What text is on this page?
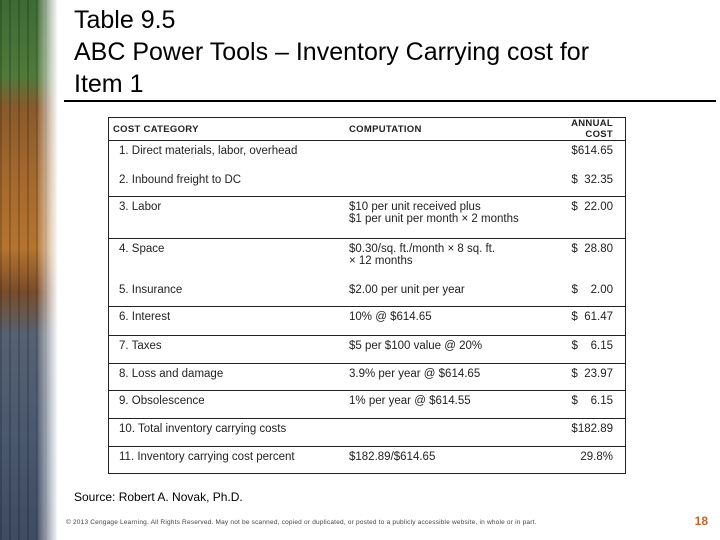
Table 9.5
ABC Power Tools – Inventory Carrying cost for
Item 1
COST CATEGORY	COMPUTATION	ANNUAL COST
1. Direct materials, labor, overhead		$614.65
2. Inbound freight to DC		$  32.35
3. Labor	$10 per unit received plus
$1 per unit per month × 2 months	$  22.00
4. Space	$0.30/sq. ft./month × 8 sq. ft.
× 12 months	$  28.80
5. Insurance	$2.00 per unit per year	$    2.00
6. Interest	10% @ $614.65	$  61.47
7. Taxes	$5 per $100 value @ 20%	$    6.15
8. Loss and damage	3.9% per year @ $614.65	$  23.97
9. Obsolescence	1% per year @ $614.55	$    6.15
10. Total inventory carrying costs		$182.89
11. Inventory carrying cost percent	$182.89/$614.65	29.8%
Source: Robert A. Novak, Ph.D.
© 2013 Cengage Learning. All Rights Reserved. May not be scanned, copied or duplicated, or posted to a publicly accessible website, in whole or in part.	18
